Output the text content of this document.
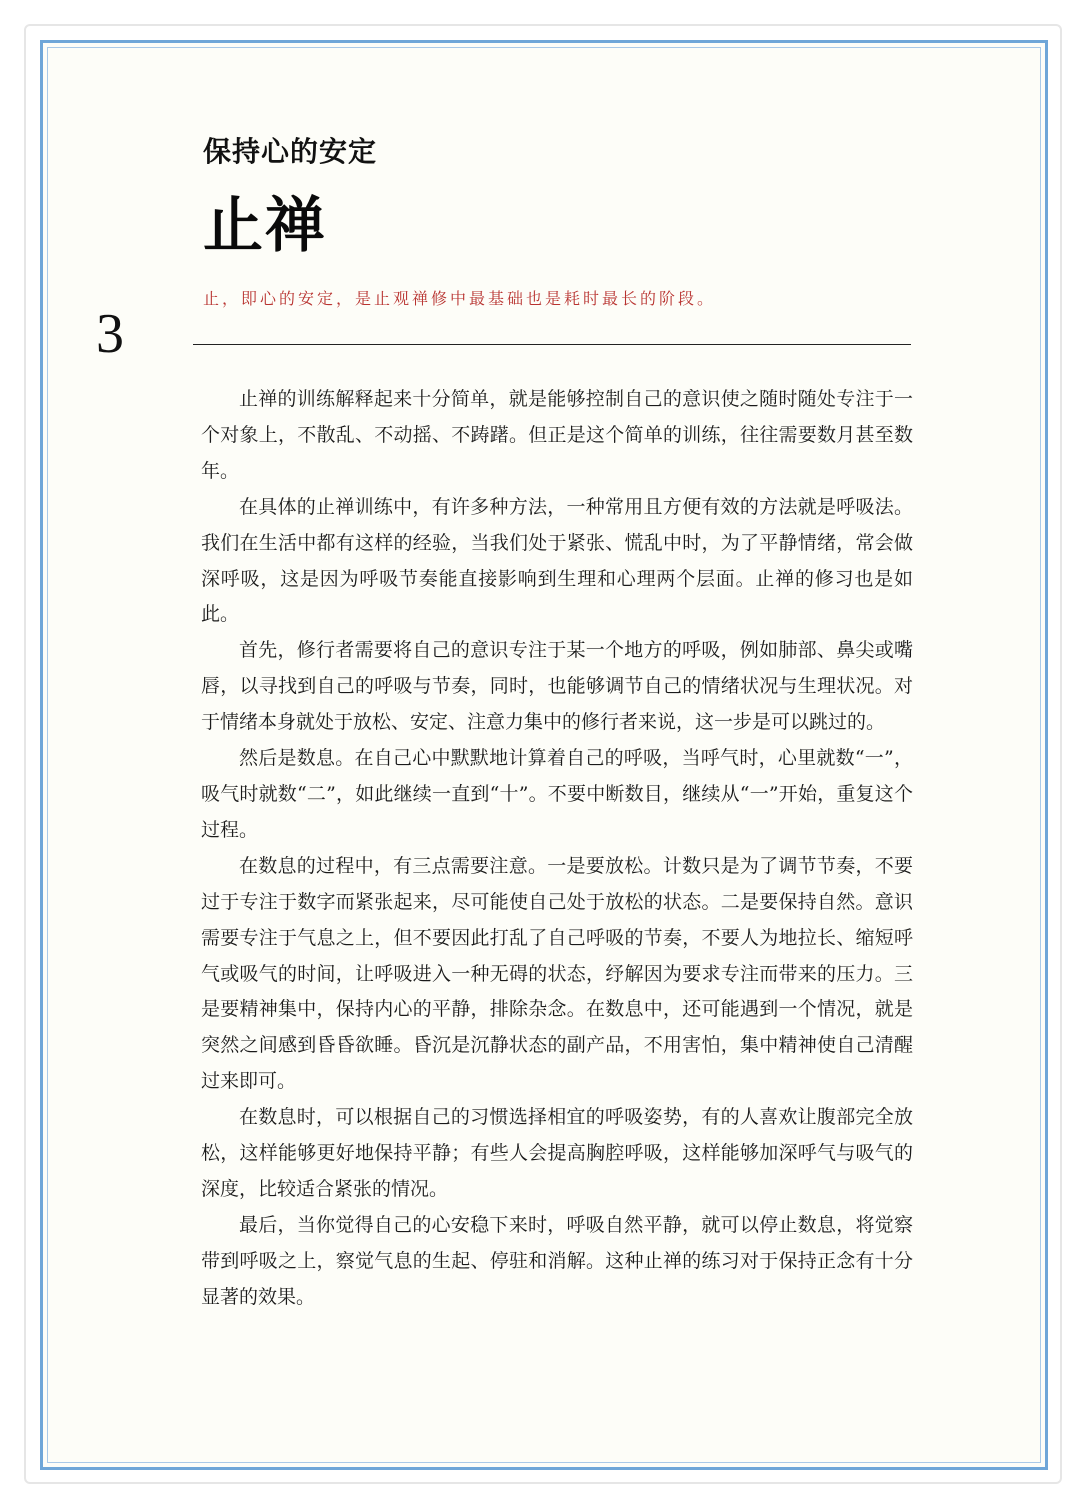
保持心的安定
止禅
止，即心的安定，是止观禅修中最基础也是耗时最长的阶段。
3

止禅的训练解释起来十分简单，就是能够控制自己的意识使之随时随处专注于一个对象上，不散乱、不动摇、不踌躇。但正是这个简单的训练，往往需要数月甚至数年。

在具体的止禅训练中，有许多种方法，一种常用且方便有效的方法就是呼吸法。我们在生活中都有这样的经验，当我们处于紧张、慌乱中时，为了平静情绪，常会做深呼吸，这是因为呼吸节奏能直接影响到生理和心理两个层面。止禅的修习也是如此。

首先，修行者需要将自己的意识专注于某一个地方的呼吸，例如肺部、鼻尖或嘴唇，以寻找到自己的呼吸与节奏，同时，也能够调节自己的情绪状况与生理状况。对于情绪本身就处于放松、安定、注意力集中的修行者来说，这一步是可以跳过的。

然后是数息。在自己心中默默地计算着自己的呼吸，当呼气时，心里就数“一”，吸气时就数“二”，如此继续一直到“十”。不要中断数目，继续从“一”开始，重复这个过程。

在数息的过程中，有三点需要注意。一是要放松。计数只是为了调节节奏，不要过于专注于数字而紧张起来，尽可能使自己处于放松的状态。二是要保持自然。意识需要专注于气息之上，但不要因此打乱了自己呼吸的节奏，不要人为地拉长、缩短呼气或吸气的时间，让呼吸进入一种无碍的状态，纾解因为要求专注而带来的压力。三是要精神集中，保持内心的平静，排除杂念。在数息中，还可能遇到一个情况，就是突然之间感到昏昏欲睡。昏沉是沉静状态的副产品，不用害怕，集中精神使自己清醒过来即可。

在数息时，可以根据自己的习惯选择相宜的呼吸姿势，有的人喜欢让腹部完全放松，这样能够更好地保持平静；有些人会提高胸腔呼吸，这样能够加深呼气与吸气的深度，比较适合紧张的情况。

最后，当你觉得自己的心安稳下来时，呼吸自然平静，就可以停止数息，将觉察带到呼吸之上，察觉气息的生起、停驻和消解。这种止禅的练习对于保持正念有十分显著的效果。
